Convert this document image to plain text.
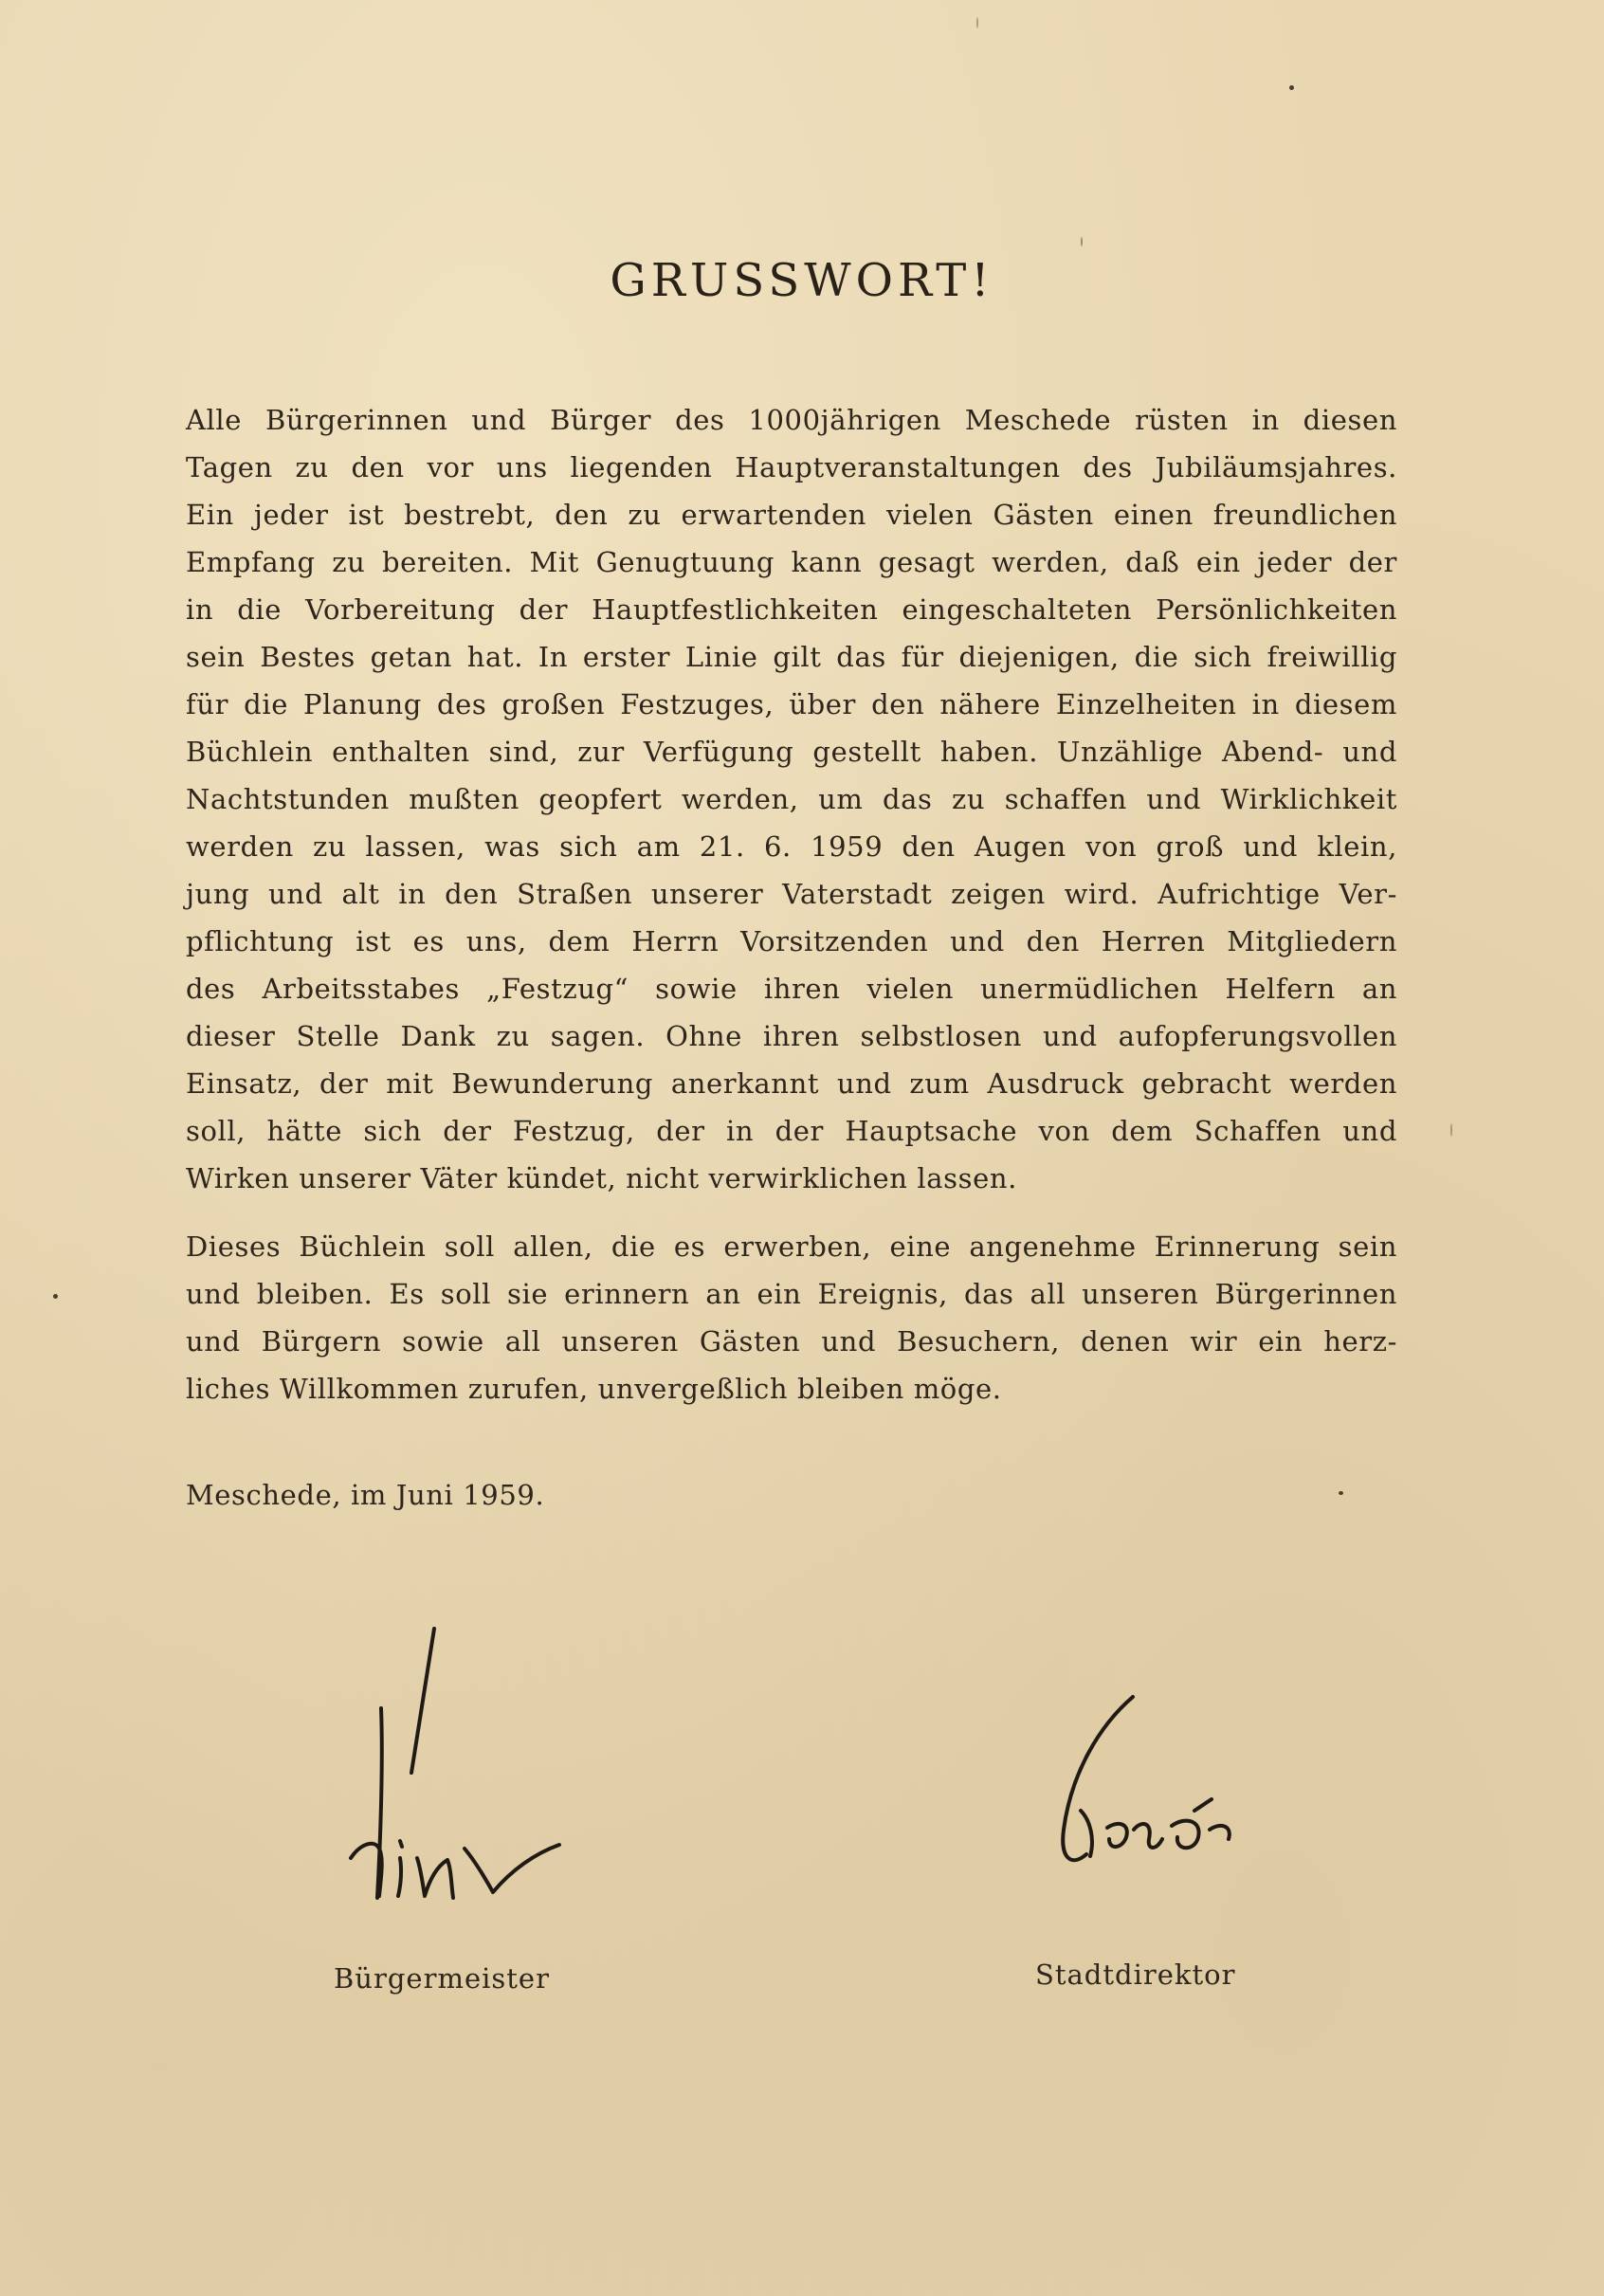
GRUSSWORT!
Alle Bürgerinnen und Bürger des 1000jährigen Meschede rüsten in diesen
Tagen zu den vor uns liegenden Hauptveranstaltungen des Jubiläumsjahres.
Ein jeder ist bestrebt, den zu erwartenden vielen Gästen einen freundlichen
Empfang zu bereiten. Mit Genugtuung kann gesagt werden, daß ein jeder der
in die Vorbereitung der Hauptfestlichkeiten eingeschalteten Persönlichkeiten
sein Bestes getan hat. In erster Linie gilt das für diejenigen, die sich freiwillig
für die Planung des großen Festzuges, über den nähere Einzelheiten in diesem
Büchlein enthalten sind, zur Verfügung gestellt haben. Unzählige Abend- und
Nachtstunden mußten geopfert werden, um das zu schaffen und Wirklichkeit
werden zu lassen, was sich am 21. 6. 1959 den Augen von groß und klein,
jung und alt in den Straßen unserer Vaterstadt zeigen wird. Aufrichtige Ver-
pflichtung ist es uns, dem Herrn Vorsitzenden und den Herren Mitgliedern
des Arbeitsstabes „Festzug“ sowie ihren vielen unermüdlichen Helfern an
dieser Stelle Dank zu sagen. Ohne ihren selbstlosen und aufopferungsvollen
Einsatz, der mit Bewunderung anerkannt und zum Ausdruck gebracht werden
soll, hätte sich der Festzug, der in der Hauptsache von dem Schaffen und
Wirken unserer Väter kündet, nicht verwirklichen lassen.
Dieses Büchlein soll allen, die es erwerben, eine angenehme Erinnerung sein
und bleiben. Es soll sie erinnern an ein Ereignis, das all unseren Bürgerinnen
und Bürgern sowie all unseren Gästen und Besuchern, denen wir ein herz-
liches Willkommen zurufen, unvergeßlich bleiben möge.
Meschede, im Juni 1959.
Bürgermeister	Stadtdirektor
